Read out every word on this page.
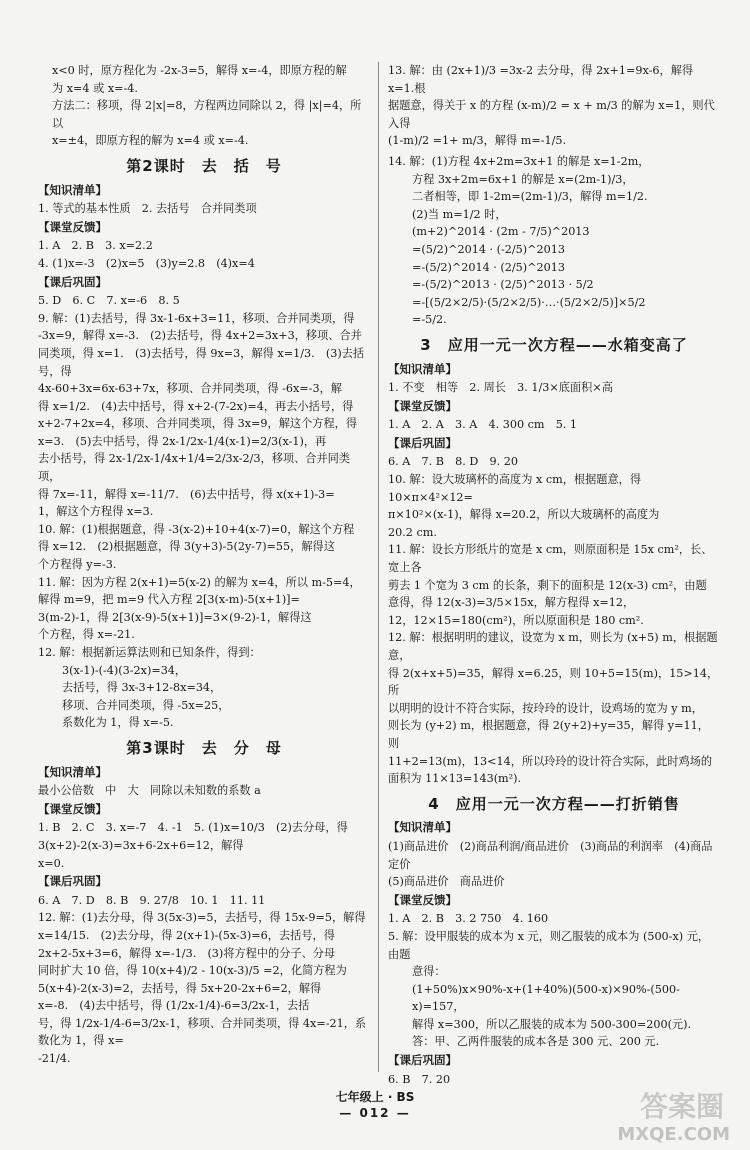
x<0 时，原方程化为 -2x-3=5，解得 x=-4，即原方程的解

为 x=4 或 x=-4.

方法二：移项，得 2|x|=8，方程两边同除以 2，得 |x|=4，所以

x=±4，即原方程的解为 x=4 或 x=-4.

第2课时　去　括　号
【知识清单】

1. 等式的基本性质　2. 去括号　合并同类项

【课堂反馈】

1. A　2. B　3. x=2.2

4. (1)x=-3　(2)x=5　(3)y=2.8　(4)x=4

【课后巩固】

5. D　6. C　7. x=-6　8. 5

9. 解：(1)去括号，得 3x-1-6x+3=11，移项、合并同类项，得

-3x=9，解得 x=-3.　(2)去括号，得 4x+2=3x+3，移项、合并

同类项，得 x=1.　(3)去括号，得 9x=3，解得 x=1/3.　(3)去括号，得

4x-60+3x=6x-63+7x，移项、合并同类项，得 -6x=-3，解

得 x=1/2.　(4)去中括号，得 x+2-(7-2x)=4，再去小括号，得

x+2-7+2x=4，移项、合并同类项，得 3x=9，解这个方程，得

x=3.　(5)去中括号，得 2x-1/2x-1/4(x-1)=2/3(x-1)，再

去小括号，得 2x-1/2x-1/4x+1/4=2/3x-2/3，移项、合并同类项，

得 7x=-11，解得 x=-11/7.　(6)去中括号，得 x(x+1)-3=

1，解这个方程得 x=3.

10. 解：(1)根据题意，得 -3(x-2)+10+4(x-7)=0，解这个方程

得 x=12.　(2)根据题意，得 3(y+3)-5(2y-7)=55，解得这

个方程得 y=-3.

11. 解：因为方程 2(x+1)=5(x-2) 的解为 x=4，所以 m-5=4，

解得 m=9，把 m=9 代入方程 2[3(x-m)-5(x+1)]=

3(m-2)-1，得 2[3(x-9)-5(x+1)]=3×(9-2)-1，解得这

个方程，得 x=-21.

12. 解：根据新运算法则和已知条件，得到：

3(x-1)-(-4)(3-2x)=34，

去括号，得 3x-3+12-8x=34，

移项、合并同类项，得 -5x=25，

系数化为 1，得 x=-5.

第3课时　去　分　母
【知识清单】

最小公倍数　中　大　同除以未知数的系数 a

【课堂反馈】

1. B　2. C　3. x=-7　4. -1　5. (1)x=10/3　(2)去分母，得

3(x+2)-2(x-3)=3x+6-2x+6=12，解得

x=0.

【课后巩固】

6. A　7. D　8. B　9. 27/8　10. 1　11. 11

12. 解：(1)去分母，得 3(5x-3)=5，去括号，得 15x-9=5，解得

x=14/15.　(2)去分母，得 2(x+1)-(5x-3)=6，去括号，得

2x+2-5x+3=6，解得 x=-1/3.　(3)将方程中的分子、分母

同时扩大 10 倍，得 10(x+4)/2 - 10(x-3)/5 =2，化简方程为

5(x+4)-2(x-3)=2，去括号，得 5x+20-2x+6=2，解得

x=-8.　(4)去中括号，得 (1/2x-1/4)-6=3/2x-1，去括

号，得 1/2x-1/4-6=3/2x-1，移项、合并同类项，得 4x=-21，系数化为 1，得 x=

-21/4.

13. 解：由 (2x+1)/3 =3x-2 去分母，得 2x+1=9x-6，解得 x=1.根

据题意，得关于 x 的方程 (x-m)/2 = x + m/3 的解为 x=1，则代入得

(1-m)/2 =1+ m/3，解得 m=-1/5.

14. 解：(1)方程 4x+2m=3x+1 的解是 x=1-2m，

方程 3x+2m=6x+1 的解是 x=(2m-1)/3，

二者相等，即 1-2m=(2m-1)/3，解得 m=1/2.

(2)当 m=1/2 时，

(m+2)^2014 · (2m - 7/5)^2013

=(5/2)^2014 · (-2/5)^2013

=-(5/2)^2014 · (2/5)^2013

=-(5/2)^2013 · (2/5)^2013 · 5/2

=-[(5/2×2/5)·(5/2×2/5)·…·(5/2×2/5)]×5/2

=-5/2.

3　应用一元一次方程——水箱变高了
【知识清单】

1. 不变　相等　2. 周长　3. 1/3×底面积×高

【课堂反馈】

1. A　2. A　3. A　4. 300 cm　5. 1

【课后巩固】

6. A　7. B　8. D　9. 20

10. 解：设大玻璃杯的高度为 x cm，根据题意，得 10×π×4²×12=

π×10²×(x-1)，解得 x=20.2，所以大玻璃杯的高度为

20.2 cm.

11. 解：设长方形纸片的宽是 x cm，则原面积是 15x cm²，长、宽上各

剪去 1 个宽为 3 cm 的长条，剩下的面积是 12(x-3) cm²，由题

意得，得 12(x-3)=3/5×15x，解方程得 x=12，

12，12×15=180(cm²)，所以原面积是 180 cm².

12. 解：根据明明的建议，设宽为 x m，则长为 (x+5) m，根据题意，

得 2(x+x+5)=35，解得 x=6.25，则 10+5=15(m)，15>14，所

以明明的设计不符合实际，按玲玲的设计，设鸡场的宽为 y m，

则长为 (y+2) m，根据题意，得 2(y+2)+y=35，解得 y=11，则

11+2=13(m)，13<14，所以玲玲的设计符合实际，此时鸡场的

面积为 11×13=143(m²).

4　应用一元一次方程——打折销售
【知识清单】

(1)商品进价　(2)商品利润/商品进价　(3)商品的利润率　(4)商品定价

(5)商品进价　商品进价

【课堂反馈】

1. A　2. B　3. 2 750　4. 160

5. 解：设甲服装的成本为 x 元，则乙服装的成本为 (500-x) 元，由题

意得：

(1+50%)x×90%-x+(1+40%)(500-x)×90%-(500-

x)=157，

解得 x=300，所以乙服装的成本为 500-300=200(元).

答：甲、乙两件服装的成本各是 300 元、200 元.

【课后巩固】

6. B　7. 20

七年级上 · BS
— 012 —	答案圈
MXQE.COM
